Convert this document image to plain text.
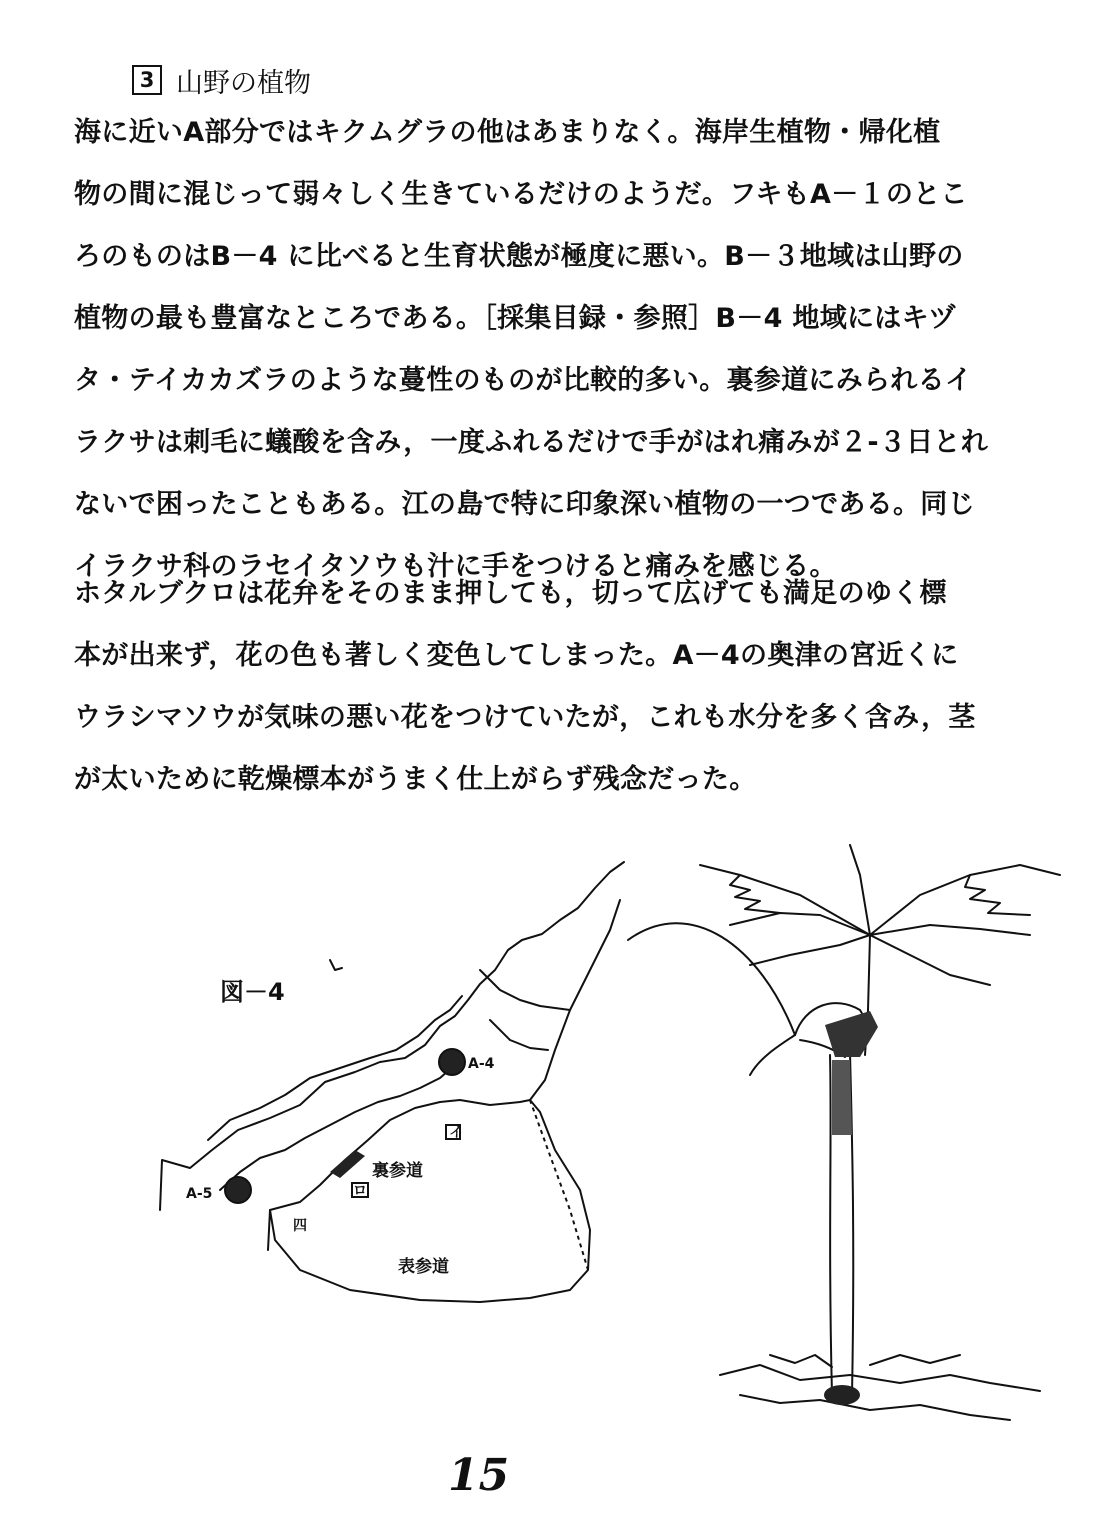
3 山野の植物
海に近いA部分ではキクムグラの他はあまりなく。海岸生植物・帰化植
物の間に混じって弱々しく生きているだけのようだ。フキもA－１のとこ
ろのものはB－4 に比べると生育状態が極度に悪い。B－３地域は山野の
植物の最も豊富なところである。［採集目録・参照］B－4 地域にはキヅ
タ・テイカカズラのような蔓性のものが比較的多い。裏参道にみられるイ
ラクサは刺毛に蟻酸を含み，一度ふれるだけで手がはれ痛みが２-３日とれ
ないで困ったこともある。江の島で特に印象深い植物の一つである。同じ
イラクサ科のラセイタソウも汁に手をつけると痛みを感じる。
ホタルブクロは花弁をそのまま押しても，切って広げても満足のゆく標
本が出来ず，花の色も著しく変色してしまった。A－4の奥津の宮近くに
ウラシマソウが気味の悪い花をつけていたが，これも水分を多く含み，茎
が太いために乾燥標本がうまく仕上がらず残念だった。
図－4
A-4
A-5
イ
ロ
四
裏参道
表参道
15
